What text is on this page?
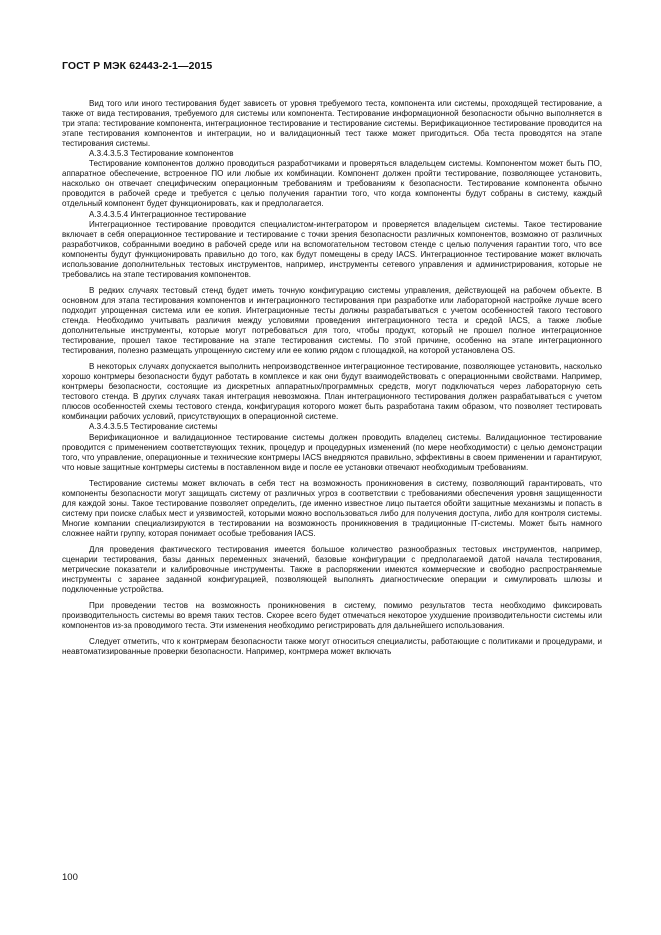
ГОСТ Р МЭК 62443-2-1—2015

Вид того или иного тестирования будет зависеть от уровня требуемого теста, компонента или системы, проходящей тестирование, а также от вида тестирования, требуемого для системы или компонента. Тестирование информационной безопасности обычно выполняется в три этапа: тестирование компонента, интеграционное тестирование и тестирование системы. Верификационное тестирование проводится на этапе тестирования компонентов и интеграции, но и валидационный тест также может пригодиться. Оба теста проводятся на этапе тестирования системы.

A.3.4.3.5.3 Тестирование компонентов

Тестирование компонентов должно проводиться разработчиками и проверяться владельцем системы. Компонентом может быть ПО, аппаратное обеспечение, встроенное ПО или любые их комбинации. Компонент должен пройти тестирование, позволяющее установить, насколько он отвечает специфическим операционным требованиям и требованиям к безопасности. Тестирование компонента обычно проводится в рабочей среде и требуется с целью получения гарантии того, что когда компоненты будут собраны в систему, каждый отдельный компонент будет функционировать, как и предполагается.

A.3.4.3.5.4 Интеграционное тестирование

Интеграционное тестирование проводится специалистом-интегратором и проверяется владельцем системы. Такое тестирование включает в себя операционное тестирование и тестирование с точки зрения безопасности различных компонентов, возможно от различных разработчиков, собранными воедино в рабочей среде или на вспомогательном тестовом стенде с целью получения гарантии того, что все компоненты будут функционировать правильно до того, как будут помещены в среду IACS. Интеграционное тестирование может включать использование дополнительных тестовых инструментов, например, инструменты сетевого управления и администрирования, которые не требовались на этапе тестирования компонентов.

В редких случаях тестовый стенд будет иметь точную конфигурацию системы управления, действующей на рабочем объекте. В основном для этапа тестирования компонентов и интеграционного тестирования при разработке или лабораторной настройке лучше всего подходит упрощенная система или ее копия. Интеграционные тесты должны разрабатываться с учетом особенностей такого тестового стенда. Необходимо учитывать различия между условиями проведения интеграционного теста и средой IACS, а также любые дополнительные инструменты, которые могут потребоваться для того, чтобы продукт, который не прошел полное интеграционное тестирование, прошел такое тестирование на этапе тестирования системы. По этой причине, особенно на этапе интеграционного тестирования, полезно размещать упрощенную систему или ее копию рядом с площадкой, на которой установлена OS.

В некоторых случаях допускается выполнить непроизводственное интеграционное тестирование, позволяющее установить, насколько хорошо контрмеры безопасности будут работать в комплексе и как они будут взаимодействовать с операционными свойствами. Например, контрмеры безопасности, состоящие из дискретных аппаратных/программных средств, могут подключаться через лабораторную сеть тестового стенда. В других случаях такая интеграция невозможна. План интеграционного тестирования должен разрабатываться с учетом плюсов особенностей схемы тестового стенда, конфигурация которого может быть разработана таким образом, что позволяет тестировать комбинации рабочих условий, присутствующих в операционной системе.

A.3.4.3.5.5 Тестирование системы

Верификационное и валидационное тестирование системы должен проводить владелец системы. Валидационное тестирование проводится с применением соответствующих техник, процедур и процедурных изменений (по мере необходимости) с целью демонстрации того, что управление, операционные и технические контрмеры IACS внедряются правильно, эффективны в своем применении и гарантируют, что новые защитные контрмеры системы в поставленном виде и после ее установки отвечают необходимым требованиям.

Тестирование системы может включать в себя тест на возможность проникновения в систему, позволяющий гарантировать, что компоненты безопасности могут защищать систему от различных угроз в соответствии с требованиями обеспечения уровня защищенности для каждой зоны. Такое тестирование позволяет определить, где именно известное лицо пытается обойти защитные механизмы и попасть в систему при поиске слабых мест и уязвимостей, которыми можно воспользоваться либо для получения доступа, либо для контроля системы. Многие компании специализируются в тестировании на возможность проникновения в традиционные IT-системы. Может быть намного сложнее найти группу, которая понимает особые требования IACS.

Для проведения фактического тестирования имеется большое количество разнообразных тестовых инструментов, например, сценарии тестирования, базы данных переменных значений, базовые конфигурации с предполагаемой датой начала тестирования, метрические показатели и калибровочные инструменты. Также в распоряжении имеются коммерческие и свободно распространяемые инструменты с заранее заданной конфигурацией, позволяющей выполнять диагностические операции и симулировать шлюзы и подключенные устройства.

При проведении тестов на возможность проникновения в систему, помимо результатов теста необходимо фиксировать производительность системы во время таких тестов. Скорее всего будет отмечаться некоторое ухудшение производительности системы или компонентов из-за проводимого теста. Эти изменения необходимо регистрировать для дальнейшего использования.

Следует отметить, что к контрмерам безопасности также могут относиться специалисты, работающие с политиками и процедурами, и неавтоматизированные проверки безопасности. Например, контрмера может включать

100
